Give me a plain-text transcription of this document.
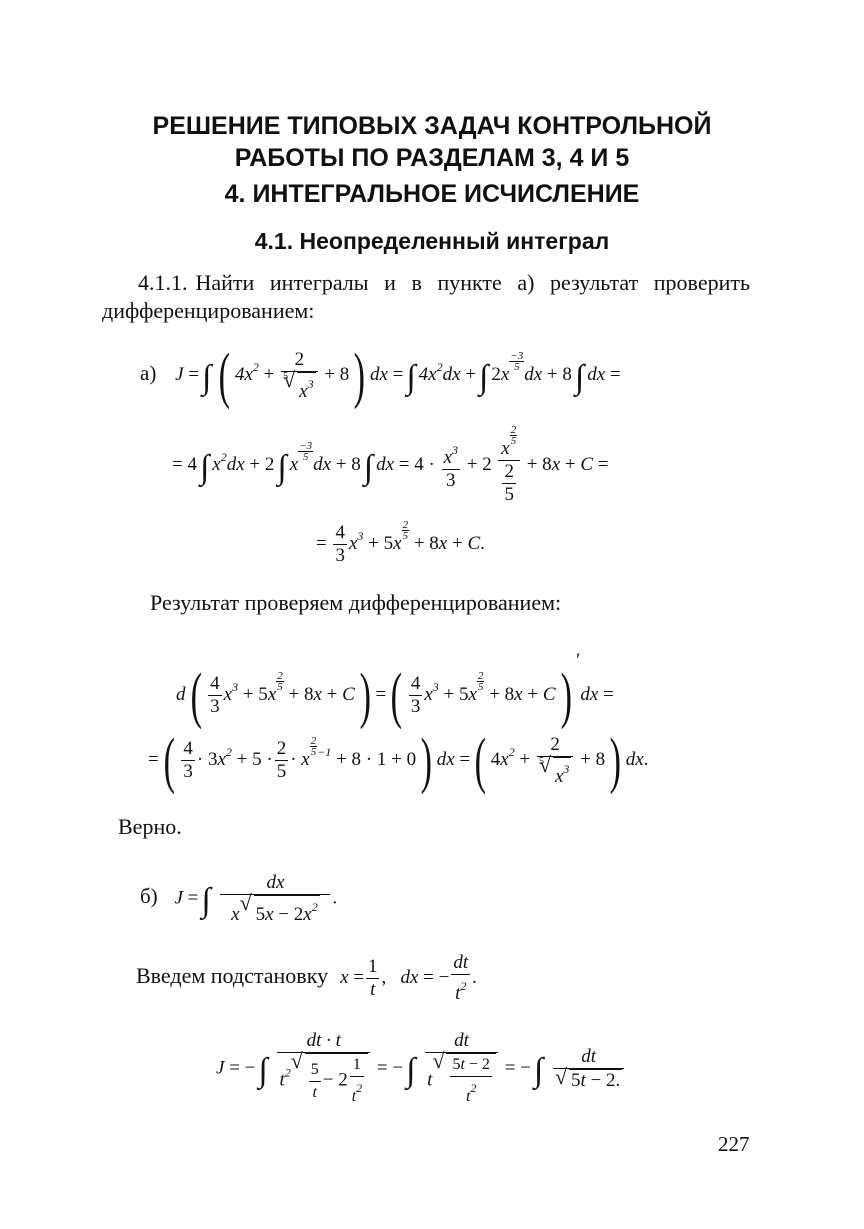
РЕШЕНИЕ ТИПОВЫХ ЗАДАЧ КОНТРОЛЬНОЙ
РАБОТЫ ПО РАЗДЕЛАМ 3, 4 И 5
4. ИНТЕГРАЛЬНОЕ ИСЧИСЛЕНИЕ
4.1. Неопределенный интеграл
4.1.1. Найти интегралы и в пункте а) результат проверить
дифференцированием:
а) J =∫ ( $4x^2 + 2$
√ 5
$x^3 + 8$) dx =∫ $4x^2dx$ +∫ 2x
$\frac{-3}{5}$
dx + 8∫ dx =
= 4∫ $x^2dx + 2\int$ x
$\frac{-3}{5}$
dx + 8∫ dx = $4 \cdot \frac{x^3}{3} + 2$ x
$\frac{2}{5}$
$\frac{2}{5} + 8x + C$ =
= $\frac{4}{3} x^3 + 5x$
$\frac{2}{5}$
+ 8x + C.
Результат проверяем дифференцированием:
$d( \frac{4}{3} x^3 + 5x$
$\frac{2}{5}$
+ 8x + C) =( $\frac{4}{3} x^3 + 5x$
$\frac{2}{5}$
+ 8x + C)′dx =
=( $\frac{4}{3} \cdot 3x^2 + 5 \cdot \frac{2}{5} \cdot x$
$\frac{2}{5} ^{-1} + 8 \cdot 1 + 0$) dx =( $4x^2 + 2$
√ 5
$x^3 + 8$) dx.
Верно.
б) J =∫ $\frac{dx}{x√ 5x - 2x^2}$ .
Введем подстановку $x = \frac{1}{t}$ ,   dx = − $\frac{dt}{t^2}$ .
J = −∫ dt · t
$t^2$
√ $\frac{5}{t} - 2 \frac{1}{t^2}$ = −∫ dt
t
√ $\frac{5t - 2}{t^2}$ = −∫ dt
√ 5t − 2.
227
